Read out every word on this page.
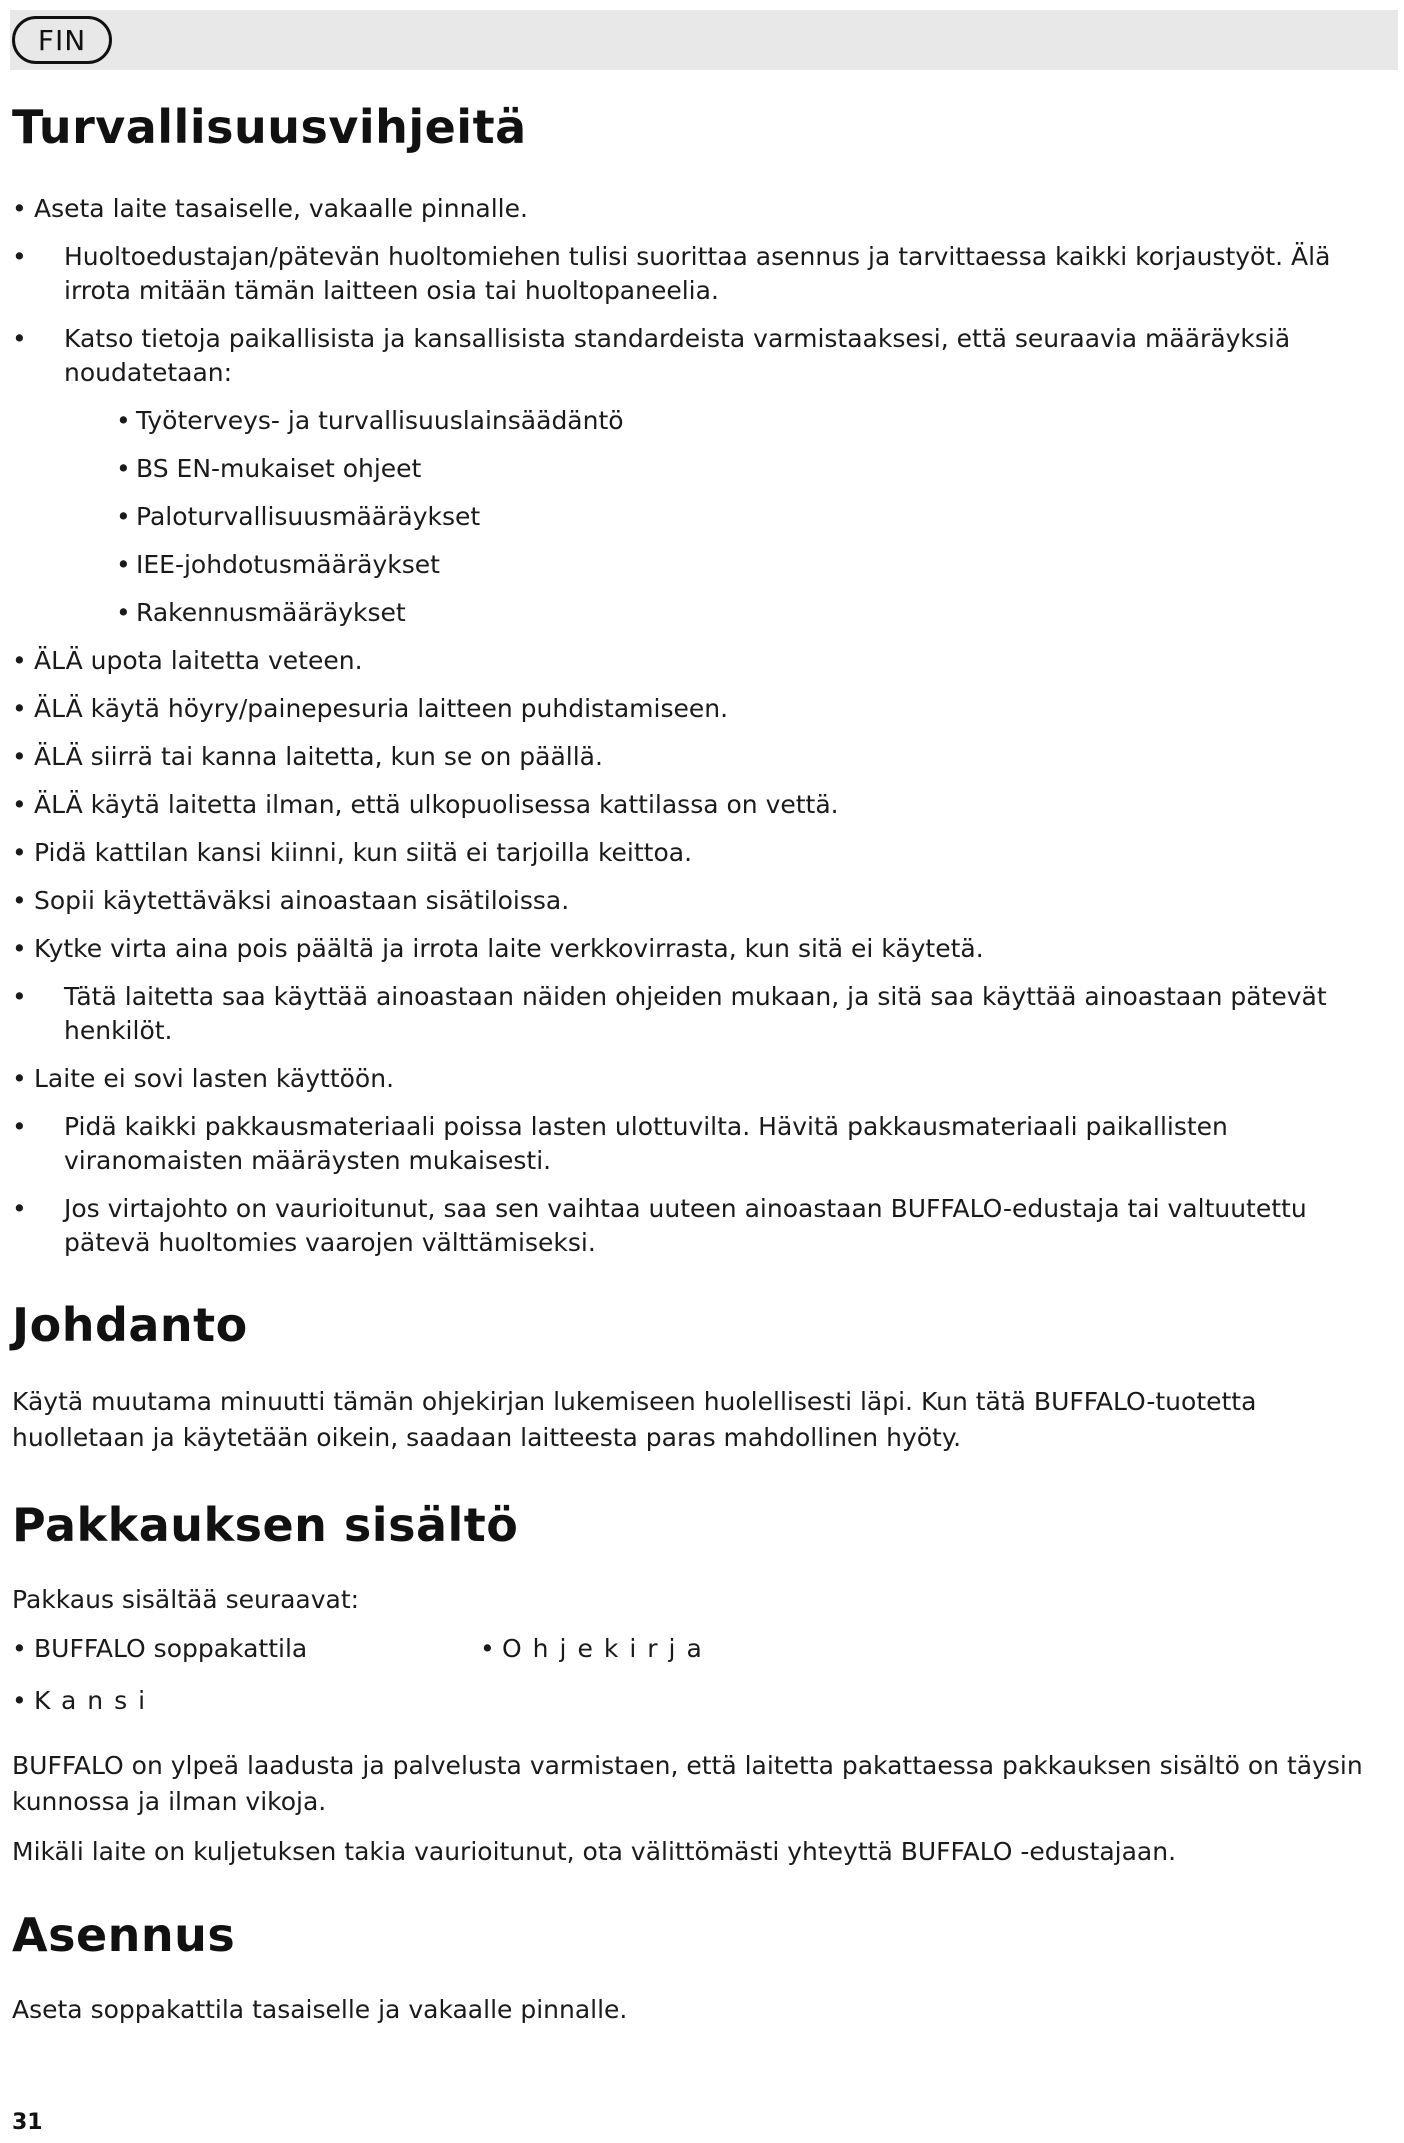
FIN
Turvallisuusvihjeitä
• Aseta laite tasaiselle, vakaalle pinnalle.
• Huoltoedustajan/pätevän huoltomiehen tulisi suorittaa asennus ja tarvittaessa kaikki korjaustyöt. Älä irrota mitään tämän laitteen osia tai huoltopaneelia.
• Katso tietoja paikallisista ja kansallisista standardeista varmistaaksesi, että seuraavia määräyksiä noudatetaan:
• Työterveys- ja turvallisuuslainsäädäntö
• BS EN-mukaiset ohjeet
• Paloturvallisuusmääräykset
• IEE-johdotusmääräykset
• Rakennusmääräykset
• ÄLÄ upota laitetta veteen.
• ÄLÄ käytä höyry/painepesuria laitteen puhdistamiseen.
• ÄLÄ siirrä tai kanna laitetta, kun se on päällä.
• ÄLÄ käytä laitetta ilman, että ulkopuolisessa kattilassa on vettä.
• Pidä kattilan kansi kiinni, kun siitä ei tarjoilla keittoa.
• Sopii käytettäväksi ainoastaan sisätiloissa.
• Kytke virta aina pois päältä ja irrota laite verkkovirrasta, kun sitä ei käytetä.
• Tätä laitetta saa käyttää ainoastaan näiden ohjeiden mukaan, ja sitä saa käyttää ainoastaan pätevät henkilöt.
• Laite ei sovi lasten käyttöön.
• Pidä kaikki pakkausmateriaali poissa lasten ulottuvilta. Hävitä pakkausmateriaali paikallisten viranomaisten määräysten mukaisesti.
• Jos virtajohto on vaurioitunut, saa sen vaihtaa uuteen ainoastaan BUFFALO-edustaja tai valtuutettu pätevä huoltomies vaarojen välttämiseksi.
Johdanto

Käytä muutama minuutti tämän ohjekirjan lukemiseen huolellisesti läpi. Kun tätä BUFFALO-tuotetta huolletaan ja käytetään oikein, saadaan laitteesta paras mahdollinen hyöty.

Pakkauksen sisältö

Pakkaus sisältää seuraavat:

• BUFFALO soppakattila
•	Ohjekirja
• Kansi

BUFFALO on ylpeä laadusta ja palvelusta varmistaen, että laitetta pakattaessa pakkauksen sisältö on täysin kunnossa ja ilman vikoja.

Mikäli laite on kuljetuksen takia vaurioitunut, ota välittömästi yhteyttä BUFFALO -edustajaan.

Asennus

Aseta soppakattila tasaiselle ja vakaalle pinnalle.

31
